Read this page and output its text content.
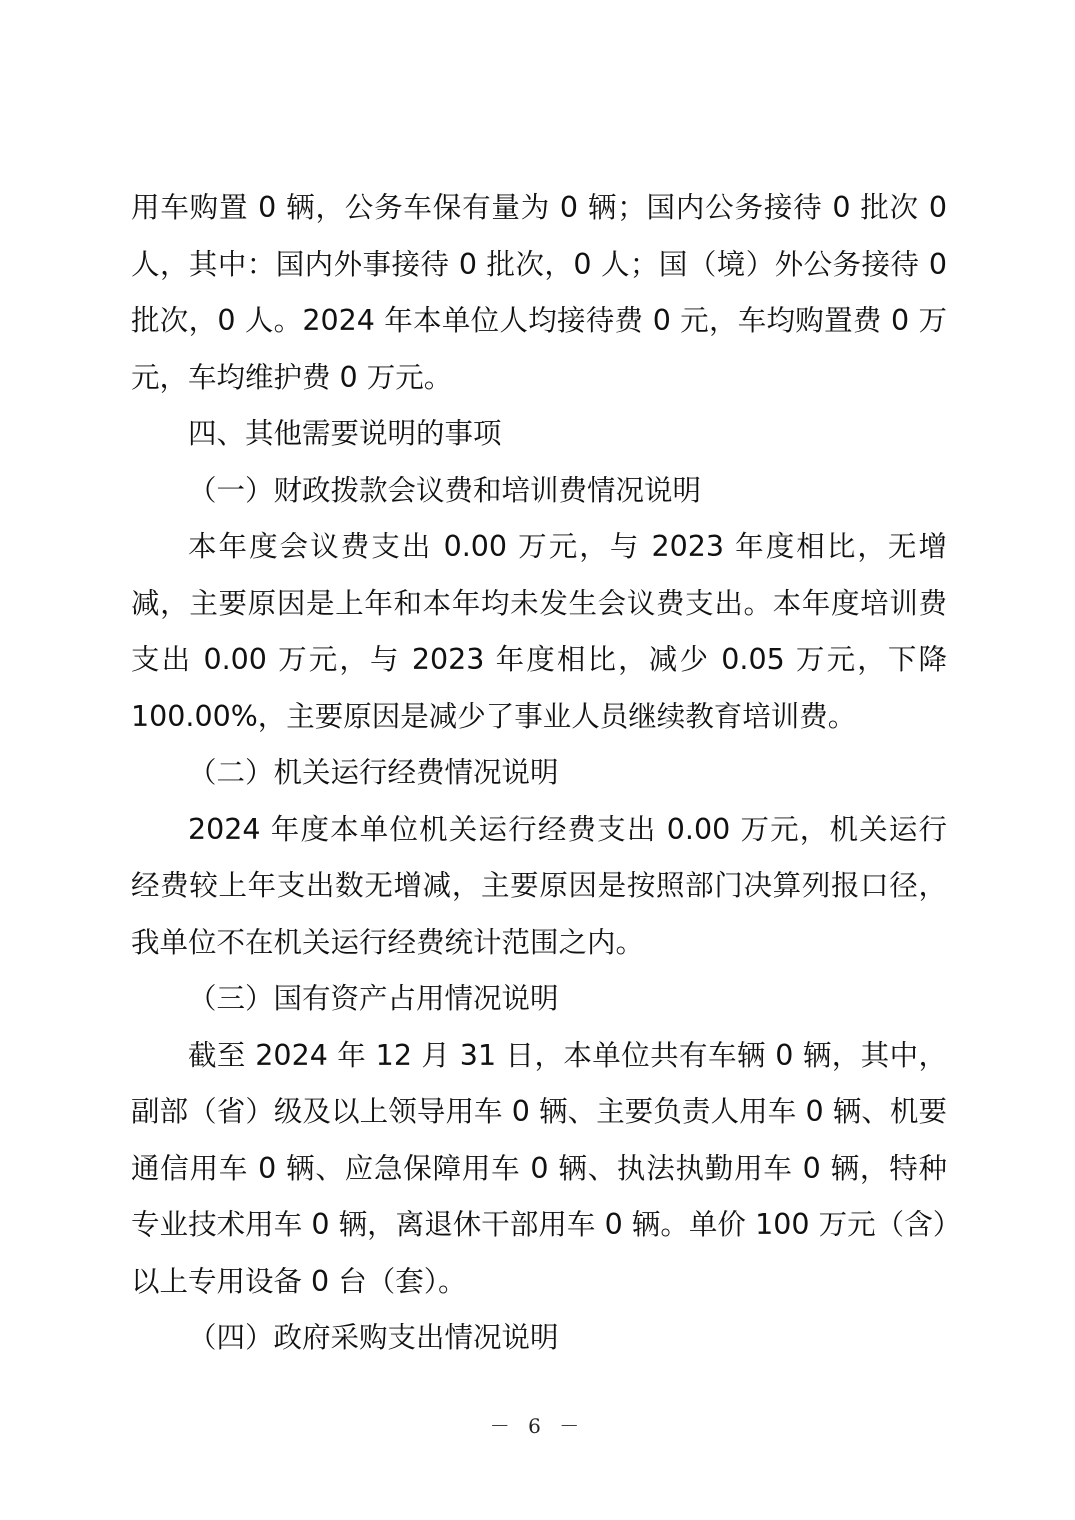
用车购置 0 辆，公务车保有量为 0 辆；国内公务接待 0 批次 0 人，其中：国内外事接待 0 批次，0 人；国（境）外公务接待 0 批次，0 人。2024 年本单位人均接待费 0 元，车均购置费 0 万元，车均维护费 0 万元。

四、其他需要说明的事项

（一）财政拨款会议费和培训费情况说明

本年度会议费支出 0.00 万元，与 2023 年度相比，无增减，主要原因是上年和本年均未发生会议费支出。本年度培训费支出 0.00 万元，与 2023 年度相比，减少 0.05 万元，下降 100.00%，主要原因是减少了事业人员继续教育培训费。

（二）机关运行经费情况说明

2024 年度本单位机关运行经费支出 0.00 万元，机关运行经费较上年支出数无增减，主要原因是按照部门决算列报口径，我单位不在机关运行经费统计范围之内。

（三）国有资产占用情况说明

截至 2024 年 12 月 31 日，本单位共有车辆 0 辆，其中，副部（省）级及以上领导用车 0 辆、主要负责人用车 0 辆、机要通信用车 0 辆、应急保障用车 0 辆、执法执勤用车 0 辆，特种专业技术用车 0 辆，离退休干部用车 0 辆。单价 100 万元（含）以上专用设备 0 台（套）。

（四）政府采购支出情况说明

－ 6 －
